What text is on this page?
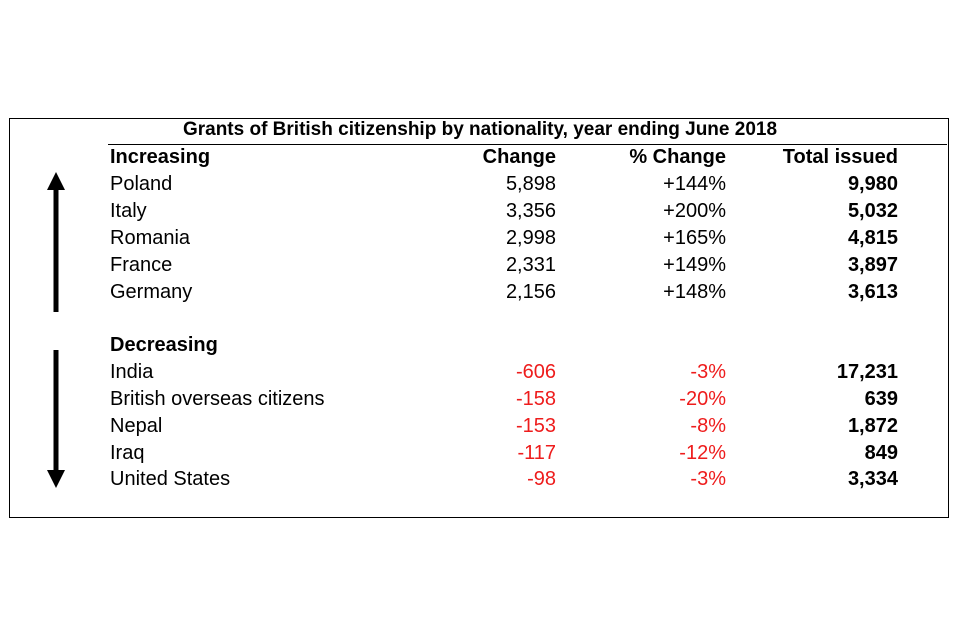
Grants of British citizenship by nationality, year ending June 2018
Increasing	Change	% Change	Total issued
Poland	5,898	+144%	9,980
Italy	3,356	+200%	5,032
Romania	2,998	+165%	4,815
France	2,331	+149%	3,897
Germany	2,156	+148%	3,613
Decreasing
India	-606	-3%	17,231
British overseas citizens	-158	-20%	639
Nepal	-153	-8%	1,872
Iraq	-117	-12%	849
United States	-98	-3%	3,334
